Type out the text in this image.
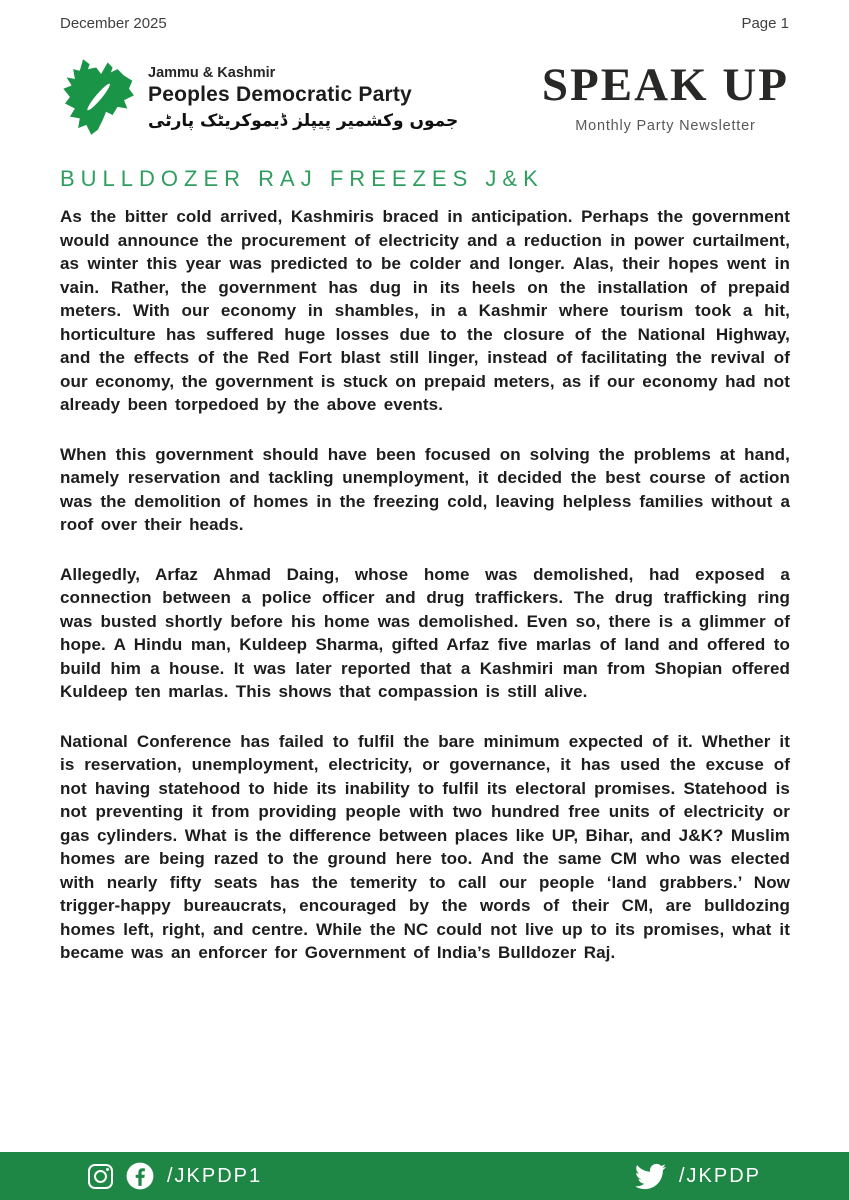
December 2025	Page 1
Jammu & Kashmir
Peoples Democratic Party
جموں وکشمیر پیپلز ڈیموکریٹک پارٹی
SPEAK UP
Monthly Party Newsletter
BULLDOZER RAJ FREEZES J&K

As the bitter cold arrived, Kashmiris braced in anticipation. Perhaps the government would announce the procurement of electricity and a reduction in power curtailment, as winter this year was predicted to be colder and longer. Alas, their hopes went in vain. Rather, the government has dug in its heels on the installation of prepaid meters. With our economy in shambles, in a Kashmir where tourism took a hit, horticulture has suffered huge losses due to the closure of the National Highway, and the effects of the Red Fort blast still linger, instead of facilitating the revival of our economy, the government is stuck on prepaid meters, as if our economy had not already been torpedoed by the above events.

When this government should have been focused on solving the problems at hand, namely reservation and tackling unemployment, it decided the best course of action was the demolition of homes in the freezing cold, leaving helpless families without a roof over their heads.

Allegedly, Arfaz Ahmad Daing, whose home was demolished, had exposed a connection between a police officer and drug traffickers. The drug trafficking ring was busted shortly before his home was demolished. Even so, there is a glimmer of hope. A Hindu man, Kuldeep Sharma, gifted Arfaz five marlas of land and offered to build him a house. It was later reported that a Kashmiri man from Shopian offered Kuldeep ten marlas. This shows that compassion is still alive.

National Conference has failed to fulfil the bare minimum expected of it. Whether it is reservation, unemployment, electricity, or governance, it has used the excuse of not having statehood to hide its inability to fulfil its electoral promises. Statehood is not preventing it from providing people with two hundred free units of electricity or gas cylinders. What is the difference between places like UP, Bihar, and J&K? Muslim homes are being razed to the ground here too. And the same CM who was elected with nearly fifty seats has the temerity to call our people ‘land grabbers.’ Now trigger-happy bureaucrats, encouraged by the words of their CM, are bulldozing homes left, right, and centre. While the NC could not live up to its promises, what it became was an enforcer for Government of India’s Bulldozer Raj.

/JKPDP1	/JKPDP
